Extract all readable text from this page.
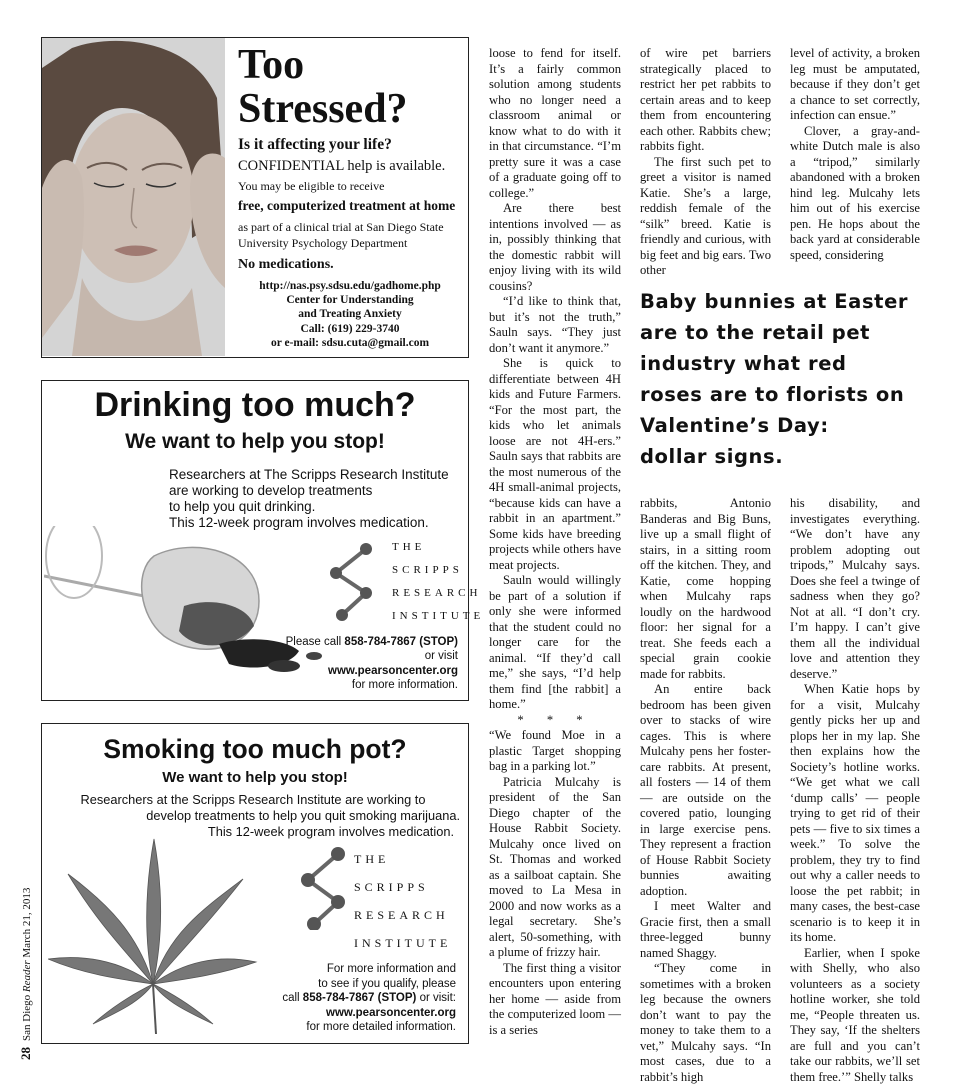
Too
Stressed?
Is it affecting your life?
CONFIDENTIAL help is available.
You may be eligible to receive
free, computerized treatment at home
as part of a clinical trial at San Diego State
University Psychology Department
No medications.
http://nas.psy.sdsu.edu/gadhome.php
Center for Understanding
and Treating Anxiety
Call: (619) 229-3740
or e-mail: sdsu.cuta@gmail.com
Drinking too much?
We want to help you stop!
Researchers at The Scripps Research Institute
are working to develop treatments
to help you quit drinking.
This 12-week program involves medication.
THE
SCRIPPS
RESEARCH
INSTITUTE
Please call 858-784-7867 (STOP)
or visit
www.pearsoncenter.org
for more information.
Smoking too much pot?
We want to help you stop!
Researchers at the Scripps Research Institute are working to
develop treatments to help you quit smoking marijuana.
This 12-week program involves medication.
THE
SCRIPPS
RESEARCH
INSTITUTE
For more information and
to see if you qualify, please
call 858-784-7867 (STOP) or visit:
www.pearsoncenter.org
for more detailed information.
28San Diego Reader March 21, 2013

loose to fend for itself. It’s a fairly common solution among students who no longer need a classroom animal or know what to do with it in that circumstance. “I’m pretty sure it was a case of a graduate going off to college.”

Are there best intentions involved — as in, possibly thinking that the domestic rabbit will enjoy living with its wild cousins?

“I’d like to think that, but it’s not the truth,” Sauln says. “They just don’t want it anymore.”

She is quick to differentiate between 4H kids and Future Farmers. “For the most part, the kids who let animals loose are not 4H-ers.” Sauln says that rabbits are the most numerous of the 4H small-animal projects, “because kids can have a rabbit in an apartment.” Some kids have breeding projects while others have meat projects.

Sauln would willingly be part of a solution if only she were informed that the student could no longer care for the animal. “If they’d call me,” she says, “I’d help them find [the rabbit] a home.”

* * *

“We found Moe in a plastic Target shopping bag in a parking lot.”

Patricia Mulcahy is president of the San Diego chapter of the House Rabbit Society. Mulcahy once lived on St. Thomas and worked as a sailboat captain. She moved to La Mesa in 2000 and now works as a legal secretary. She’s alert, 50-something, with a plume of frizzy hair.

The first thing a visitor encounters upon entering her home — aside from the computerized loom — is a series

of wire pet barriers strategically placed to restrict her pet rabbits to certain areas and to keep them from encountering each other. Rabbits chew; rabbits fight.

The first such pet to greet a visitor is named Katie. She’s a large, reddish female of the “silk” breed. Katie is friendly and curious, with big feet and big ears. Two other

level of activity, a broken leg must be amputated, because if they don’t get a chance to set correctly, infection can ensue.”

Clover, a gray-and-white Dutch male is also a “tripod,” similarly abandoned with a broken hind leg. Mulcahy lets him out of his exercise pen. He hops about the back yard at considerable speed, considering

Baby bunnies at Easter
are to the retail pet
industry what red
roses are to florists on
Valentine’s Day:
dollar signs.

rabbits, Antonio Banderas and Big Buns, live up a small flight of stairs, in a sitting room off the kitchen. They, and Katie, come hopping when Mulcahy raps loudly on the hardwood floor: her signal for a treat. She feeds each a special grain cookie made for rabbits.

An entire back bedroom has been given over to stacks of wire cages. This is where Mulcahy pens her foster-care rabbits. At present, all fosters — 14 of them — are outside on the covered patio, lounging in large exercise pens. They represent a fraction of House Rabbit Society bunnies awaiting adoption.

I meet Walter and Gracie first, then a small three-legged bunny named Shaggy.

“They come in sometimes with a broken leg because the owners don’t want to pay the money to take them to a vet,” Mulcahy says. “In most cases, due to a rabbit’s high

his disability, and investigates everything. “We don’t have any problem adopting out tripods,” Mulcahy says. Does she feel a twinge of sadness when they go? Not at all. “I don’t cry. I’m happy. I can’t give them all the individual love and attention they deserve.”

When Katie hops by for a visit, Mulcahy gently picks her up and plops her in my lap. She then explains how the Society’s hotline works. “We get what we call ‘dump calls’ — people trying to get rid of their pets — five to six times a week.” To solve the problem, they try to find out why a caller needs to loose the pet rabbit; in many cases, the best-case scenario is to keep it in its home.

Earlier, when I spoke with Shelly, who also volunteers as a society hotline worker, she told me, “People threaten us. They say, ‘If the shelters are full and you can’t take our rabbits, we’ll set them free.’” Shelly talks
